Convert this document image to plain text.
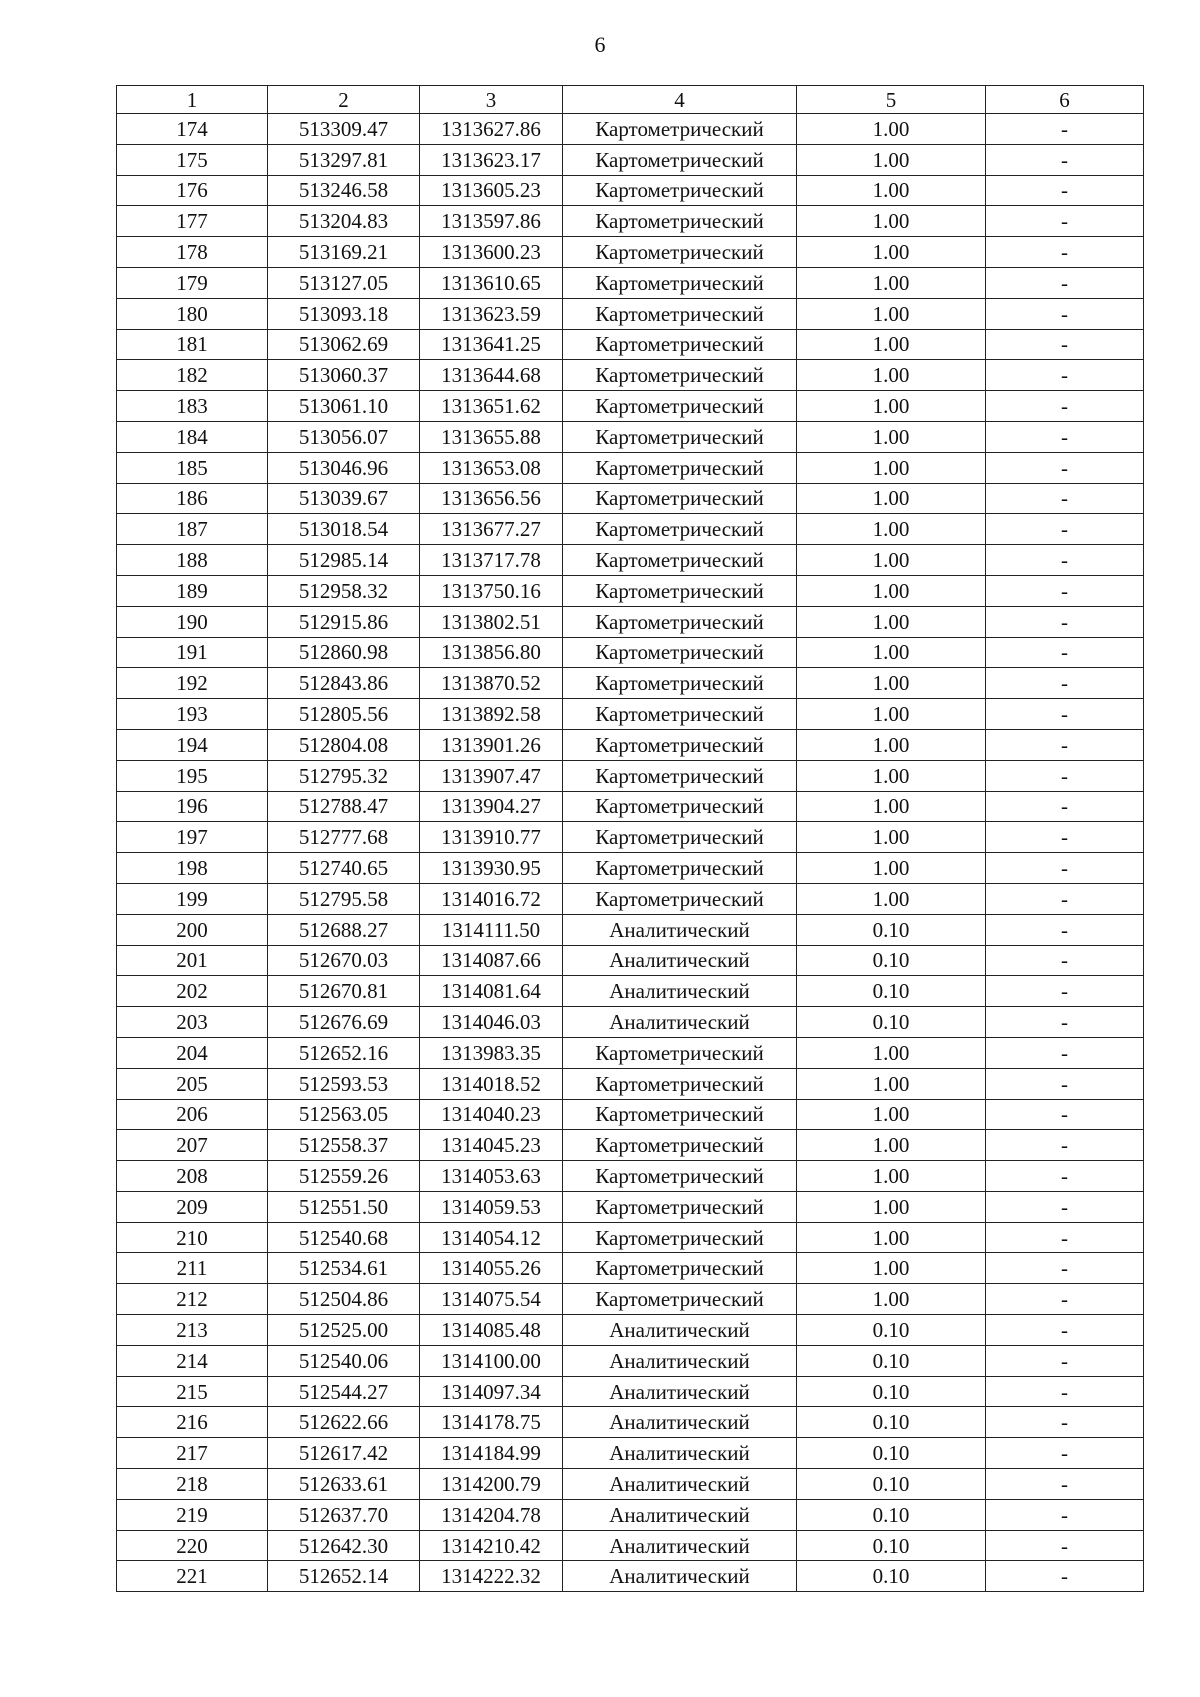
6
1	2	3	4	5	6
174	513309.47	1313627.86	Картометрический	1.00	-
175	513297.81	1313623.17	Картометрический	1.00	-
176	513246.58	1313605.23	Картометрический	1.00	-
177	513204.83	1313597.86	Картометрический	1.00	-
178	513169.21	1313600.23	Картометрический	1.00	-
179	513127.05	1313610.65	Картометрический	1.00	-
180	513093.18	1313623.59	Картометрический	1.00	-
181	513062.69	1313641.25	Картометрический	1.00	-
182	513060.37	1313644.68	Картометрический	1.00	-
183	513061.10	1313651.62	Картометрический	1.00	-
184	513056.07	1313655.88	Картометрический	1.00	-
185	513046.96	1313653.08	Картометрический	1.00	-
186	513039.67	1313656.56	Картометрический	1.00	-
187	513018.54	1313677.27	Картометрический	1.00	-
188	512985.14	1313717.78	Картометрический	1.00	-
189	512958.32	1313750.16	Картометрический	1.00	-
190	512915.86	1313802.51	Картометрический	1.00	-
191	512860.98	1313856.80	Картометрический	1.00	-
192	512843.86	1313870.52	Картометрический	1.00	-
193	512805.56	1313892.58	Картометрический	1.00	-
194	512804.08	1313901.26	Картометрический	1.00	-
195	512795.32	1313907.47	Картометрический	1.00	-
196	512788.47	1313904.27	Картометрический	1.00	-
197	512777.68	1313910.77	Картометрический	1.00	-
198	512740.65	1313930.95	Картометрический	1.00	-
199	512795.58	1314016.72	Картометрический	1.00	-
200	512688.27	1314111.50	Аналитический	0.10	-
201	512670.03	1314087.66	Аналитический	0.10	-
202	512670.81	1314081.64	Аналитический	0.10	-
203	512676.69	1314046.03	Аналитический	0.10	-
204	512652.16	1313983.35	Картометрический	1.00	-
205	512593.53	1314018.52	Картометрический	1.00	-
206	512563.05	1314040.23	Картометрический	1.00	-
207	512558.37	1314045.23	Картометрический	1.00	-
208	512559.26	1314053.63	Картометрический	1.00	-
209	512551.50	1314059.53	Картометрический	1.00	-
210	512540.68	1314054.12	Картометрический	1.00	-
211	512534.61	1314055.26	Картометрический	1.00	-
212	512504.86	1314075.54	Картометрический	1.00	-
213	512525.00	1314085.48	Аналитический	0.10	-
214	512540.06	1314100.00	Аналитический	0.10	-
215	512544.27	1314097.34	Аналитический	0.10	-
216	512622.66	1314178.75	Аналитический	0.10	-
217	512617.42	1314184.99	Аналитический	0.10	-
218	512633.61	1314200.79	Аналитический	0.10	-
219	512637.70	1314204.78	Аналитический	0.10	-
220	512642.30	1314210.42	Аналитический	0.10	-
221	512652.14	1314222.32	Аналитический	0.10	-
